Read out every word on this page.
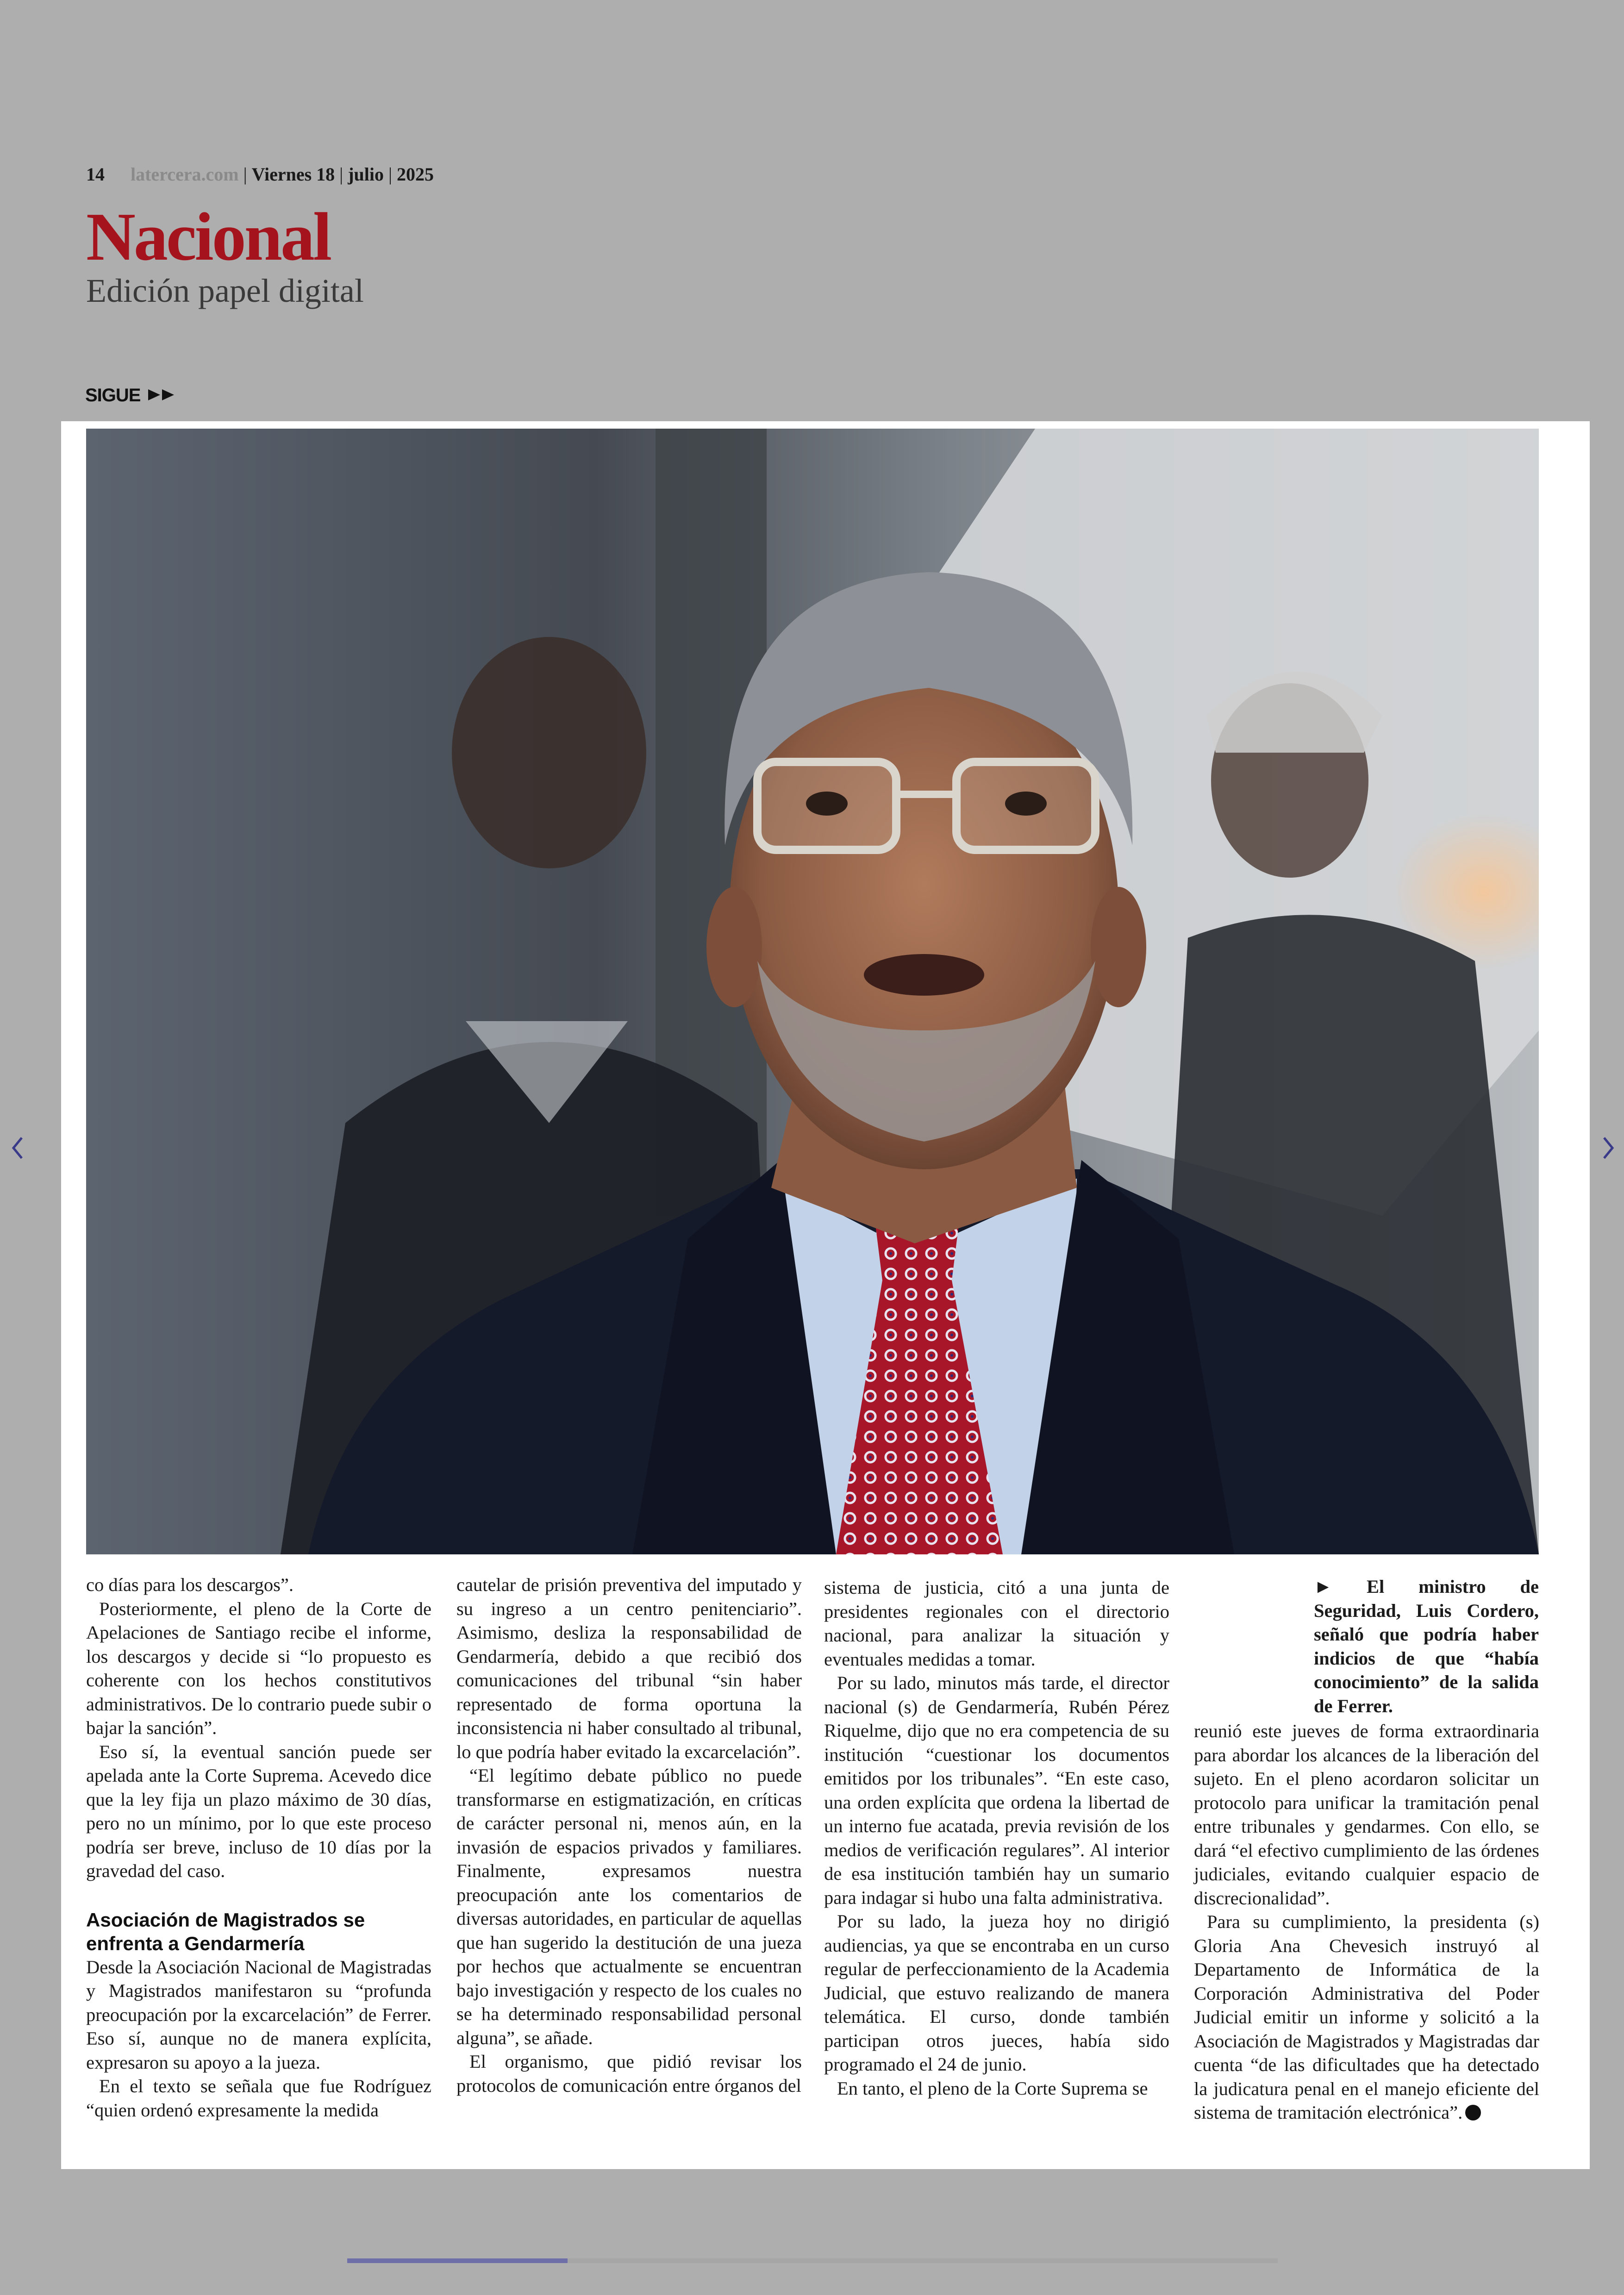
14 latercera.com | Viernes 18 | julio | 2025
Nacional
Edición papel digital
SIGUE

co días para los descargos”.

Posteriormente, el pleno de la Corte de Apelaciones de Santiago recibe el informe, los descargos y decide si “lo propuesto es coherente con los hechos constitutivos administrativos. De lo contrario puede subir o bajar la sanción”.

Eso sí, la eventual sanción puede ser apelada ante la Corte Suprema. Acevedo dice que la ley fija un plazo máximo de 30 días, pero no un mínimo, por lo que este proceso podría ser breve, incluso de 10 días por la gravedad del caso.

Asociación de Magistrados se enfrenta a Gendarmería

Desde la Asociación Nacional de Magistradas y Magistrados manifestaron su “profunda preocupación por la excarcelación” de Ferrer. Eso sí, aunque no de manera explícita, expresaron su apoyo a la jueza.

En el texto se señala que fue Rodríguez “quien ordenó expresamente la medida

cautelar de prisión preventiva del imputado y su ingreso a un centro penitenciario”. Asimismo, desliza la responsabilidad de Gendarmería, debido a que recibió dos comunicaciones del tribunal “sin haber representado de forma oportuna la inconsistencia ni haber consultado al tribunal, lo que podría haber evitado la excarcelación”.

“El legítimo debate público no puede transformarse en estigmatización, en críticas de carácter personal ni, menos aún, en la invasión de espacios privados y familiares. Finalmente, expresamos nuestra preocupación ante los comentarios de diversas autoridades, en particular de aquellas que han sugerido la destitución de una jueza por hechos que actualmente se encuentran bajo investigación y respecto de los cuales no se ha determinado responsabilidad personal alguna”, se añade.

El organismo, que pidió revisar los protocolos de comunicación entre órganos del

sistema de justicia, citó a una junta de presidentes regionales con el directorio nacional, para analizar la situación y eventuales medidas a tomar.

Por su lado, minutos más tarde, el director nacional (s) de Gendarmería, Rubén Pérez Riquelme, dijo que no era competencia de su institución “cuestionar los documentos emitidos por los tribunales”. “En este caso, una orden explícita que ordena la libertad de un interno fue acatada, previa revisión de los medios de verificación regulares”. Al interior de esa institución también hay un sumario para indagar si hubo una falta administrativa.

Por su lado, la jueza hoy no dirigió audiencias, ya que se encontraba en un curso regular de perfeccionamiento de la Academia Judicial, que estuvo realizando de manera telemática. El curso, donde también participan otros jueces, había sido programado el 24 de junio.

En tanto, el pleno de la Corte Suprema se

► El ministro de Seguridad, Luis Cordero, señaló que podría haber indicios de que “había conocimiento” de la salida de Ferrer.

reunió este jueves de forma extraordinaria para abordar los alcances de la liberación del sujeto. En el pleno acordaron solicitar un protocolo para unificar la tramitación penal entre tribunales y gendarmes. Con ello, se dará “el efectivo cumplimiento de las órdenes judiciales, evitando cualquier espacio de discrecionalidad”.

Para su cumplimiento, la presidenta (s) Gloria Ana Chevesich instruyó al Departamento de Informática de la Corporación Administrativa del Poder Judicial emitir un informe y solicitó a la Asociación de Magistrados y Magistradas dar cuenta “de las dificultades que ha detectado la judicatura penal en el manejo eficiente del sistema de tramitación electrónica”.
